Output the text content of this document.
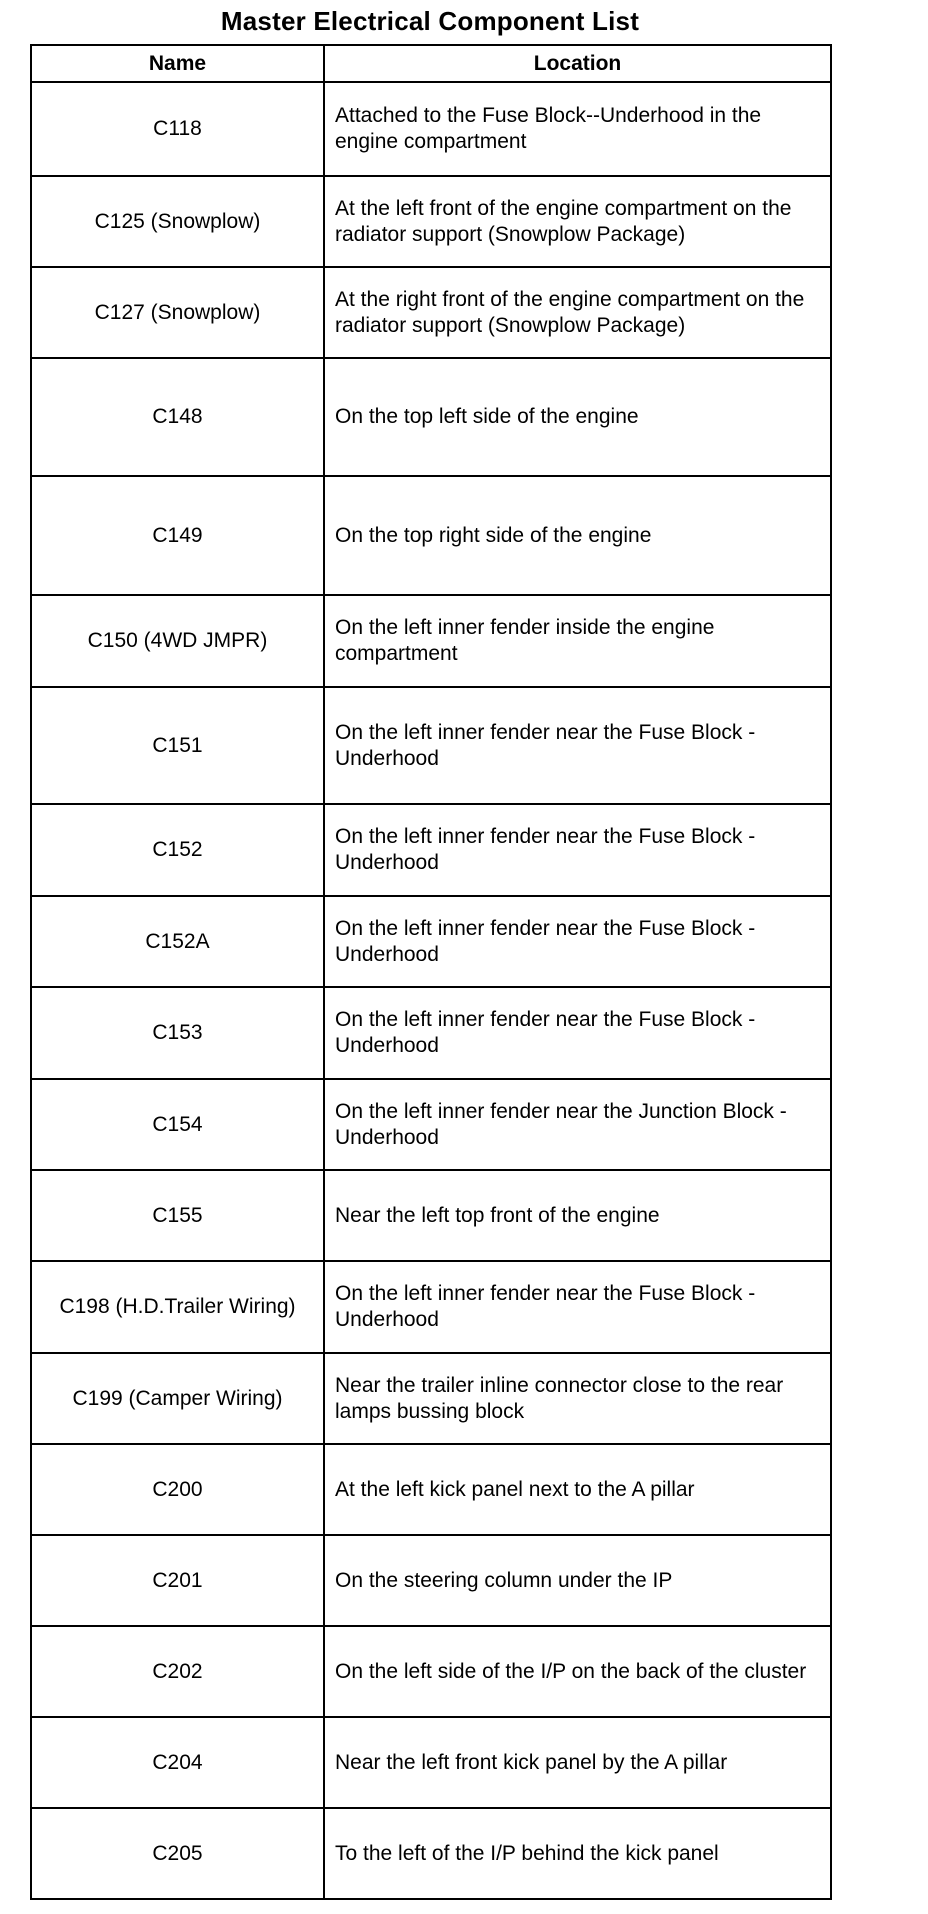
Master Electrical Component List
Name	Location
C118	Attached to the Fuse Block--Underhood in the engine compartment
C125 (Snowplow)	At the left front of the engine compartment on the radiator support (Snowplow Package)
C127 (Snowplow)	At the right front of the engine compartment on the radiator support (Snowplow Package)
C148	On the top left side of the engine
C149	On the top right side of the engine
C150 (4WD JMPR)	On the left inner fender inside the engine compartment
C151	On the left inner fender near the Fuse Block - Underhood
C152	On the left inner fender near the Fuse Block - Underhood
C152A	On the left inner fender near the Fuse Block - Underhood
C153	On the left inner fender near the Fuse Block - Underhood
C154	On the left inner fender near the Junction Block - Underhood
C155	Near the left top front of the engine
C198 (H.D.Trailer Wiring)	On the left inner fender near the Fuse Block - Underhood
C199 (Camper Wiring)	Near the trailer inline connector close to the rear lamps bussing block
C200	At the left kick panel next to the A pillar
C201	On the steering column under the IP
C202	On the left side of the I/P on the back of the cluster
C204	Near the left front kick panel by the A pillar
C205	To the left of the I/P behind the kick panel
